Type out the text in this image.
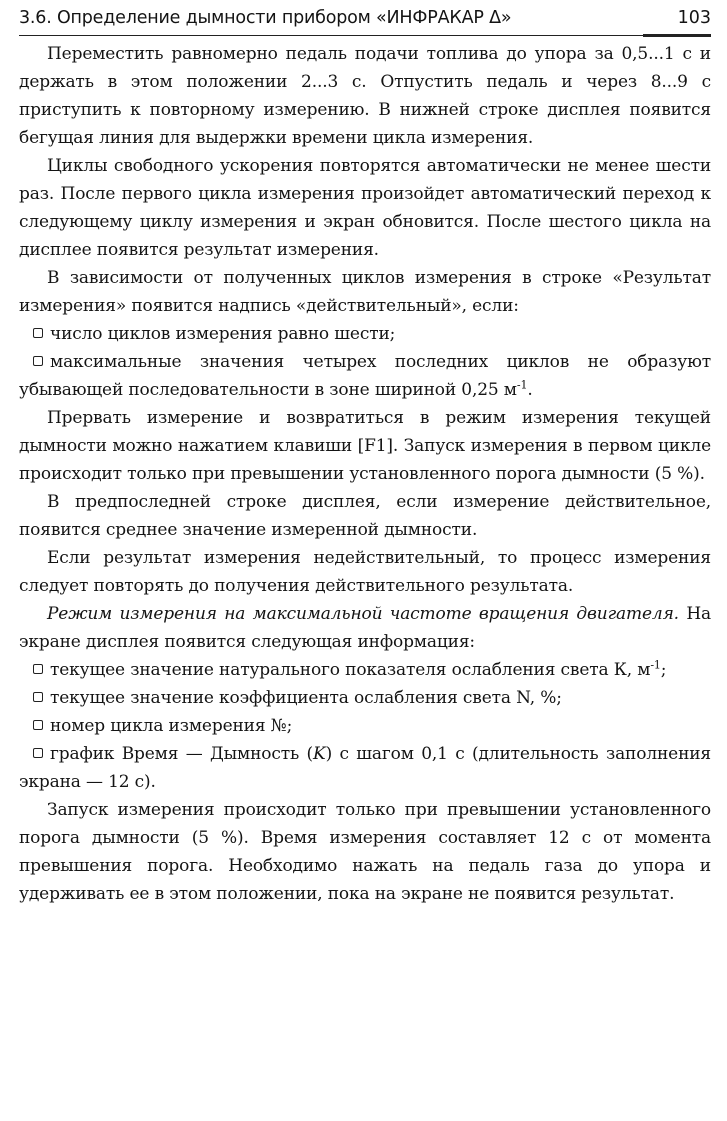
3.6. Определение дымности прибором «ИНФРАКАР Δ»	103

Переместить равномерно педаль подачи топлива до упора за 0,5...1 с и держать в этом положении 2...3 с. Отпустить педаль и через 8...9 с приступить к повторному измерению. В нижней строке дисплея появится бегущая линия для выдержки времени цикла измерения.

Циклы свободного ускорения повторятся автоматически не менее шести раз. После первого цикла измерения произойдет автоматический переход к следующему циклу измерения и экран обновится. После шестого цикла на дисплее появится результат измерения.

В зависимости от полученных циклов измерения в строке «Результат измерения» появится надпись «действительный», если:

число циклов измерения равно шести;

максимальные значения четырех последних циклов не образуют убывающей последовательности в зоне шириной 0,25 $м^{-1}$.

Прервать измерение и возвратиться в режим измерения текущей дымности можно нажатием клавиши [F1]. Запуск измерения в первом цикле происходит только при превышении установленного порога дымности (5 %).

В предпоследней строке дисплея, если измерение действительное, появится среднее значение измеренной дымности.

Если результат измерения недействительный, то процесс измерения следует повторять до получения действительного результата.

Режим измерения на максимальной частоте вращения двигателя. На экране дисплея появится следующая информация:

текущее значение натурального показателя ослабления света К, $м^{-1}$;

текущее значение коэффициента ослабления света N, %;

номер цикла измерения №;

график Время — Дымность (K) с шагом 0,1 с (длительность заполнения экрана — 12 с).

Запуск измерения происходит только при превышении установленного порога дымности (5 %). Время измерения составляет 12 с от момента превышения порога. Необходимо нажать на педаль газа до упора и удерживать ее в этом положении, пока на экране не появится результат.
